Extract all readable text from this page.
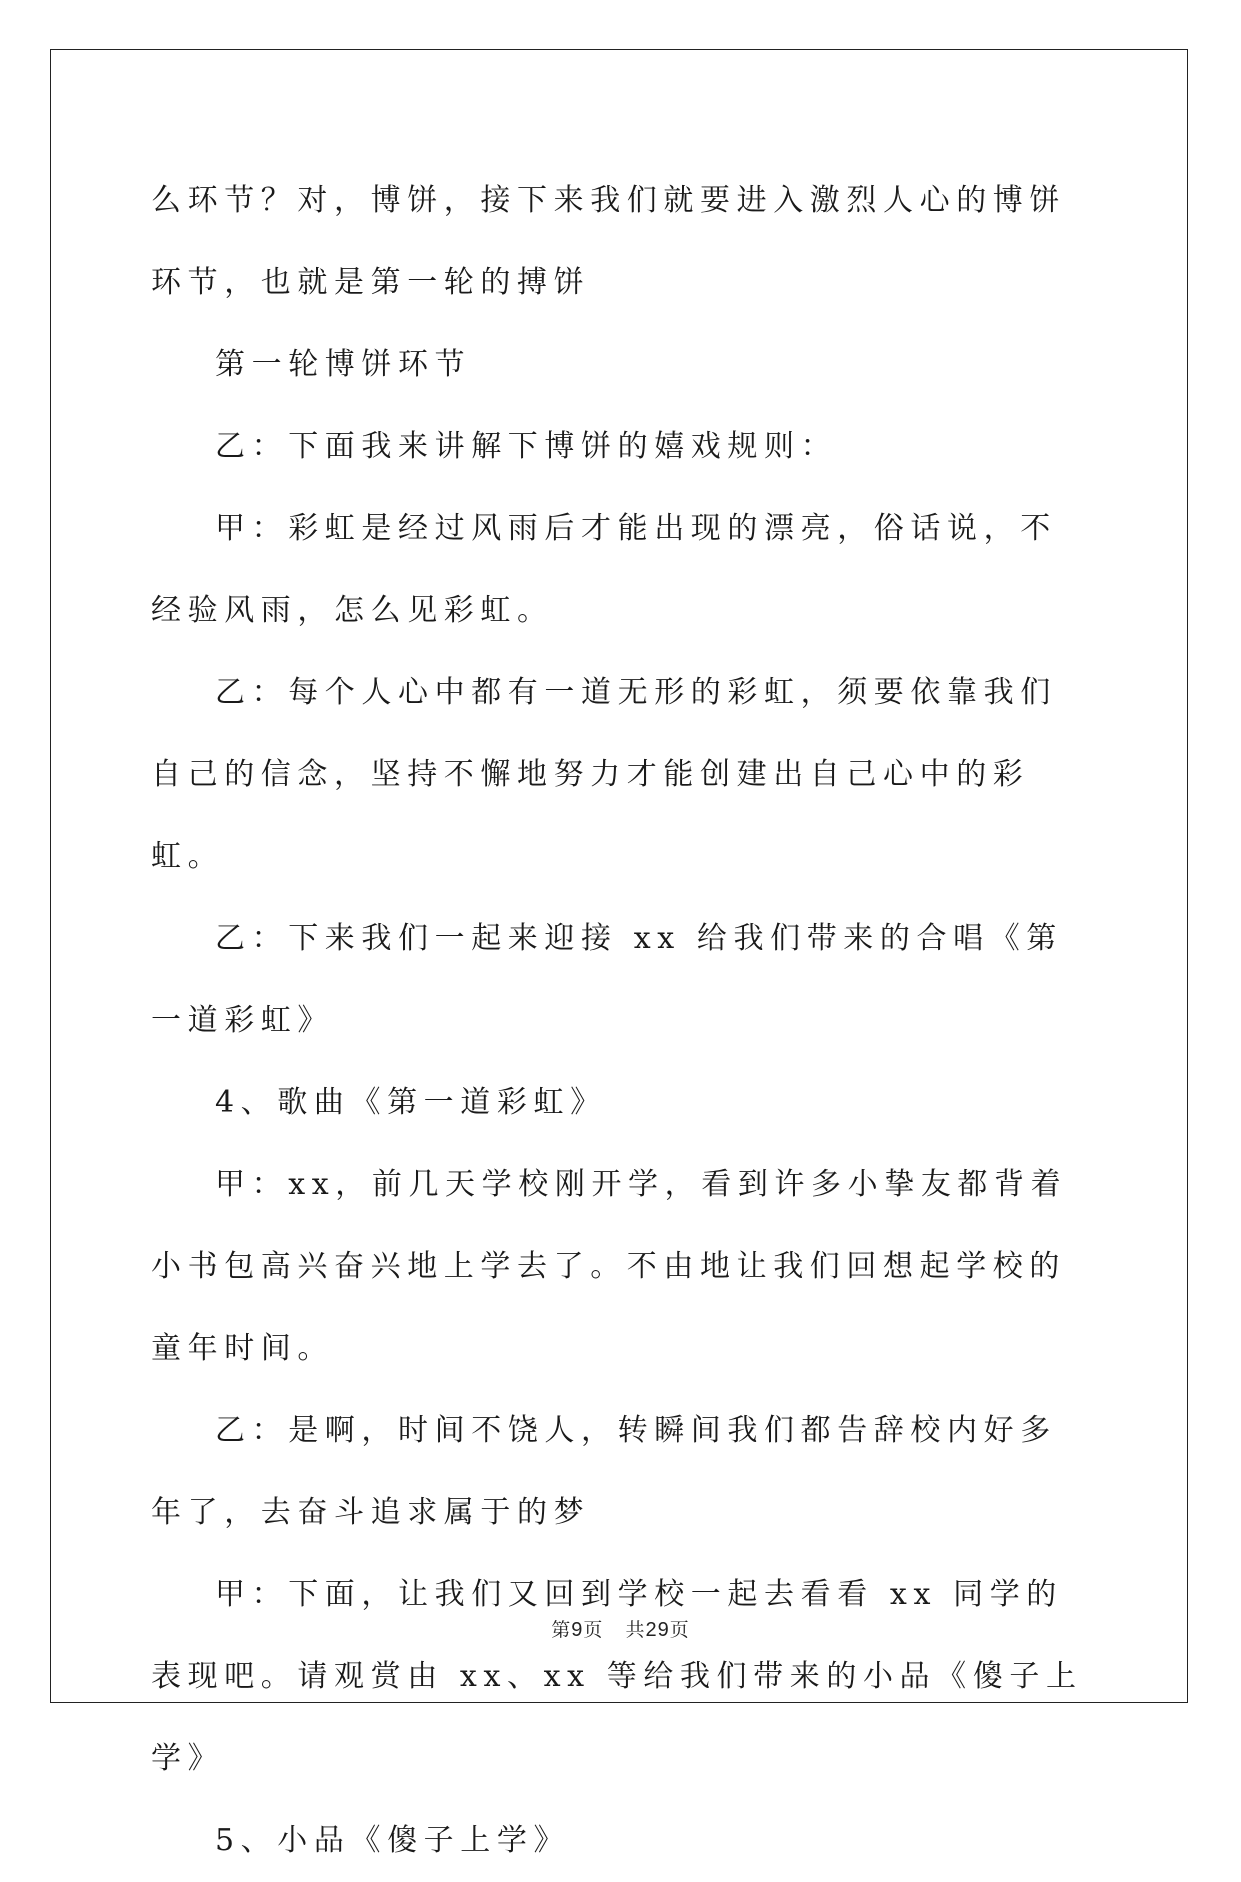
么环节？对，博饼，接下来我们就要进入激烈人心的博饼环节，也就是第一轮的搏饼

第一轮博饼环节

乙：下面我来讲解下博饼的嬉戏规则：

甲：彩虹是经过风雨后才能出现的漂亮，俗话说，不经验风雨，怎么见彩虹。

乙：每个人心中都有一道无形的彩虹，须要依靠我们自己的信念，坚持不懈地努力才能创建出自己心中的彩虹。

乙：下来我们一起来迎接 xx 给我们带来的合唱《第一道彩虹》

4、歌曲《第一道彩虹》

甲：xx，前几天学校刚开学，看到许多小挚友都背着小书包高兴奋兴地上学去了。不由地让我们回想起学校的童年时间。

乙：是啊，时间不饶人，转瞬间我们都告辞校内好多年了，去奋斗追求属于的梦

甲：下面，让我们又回到学校一起去看看 xx 同学的表现吧。请观赏由 xx、xx 等给我们带来的小品《傻子上学》

5、小品《傻子上学》

第9页 共29页
